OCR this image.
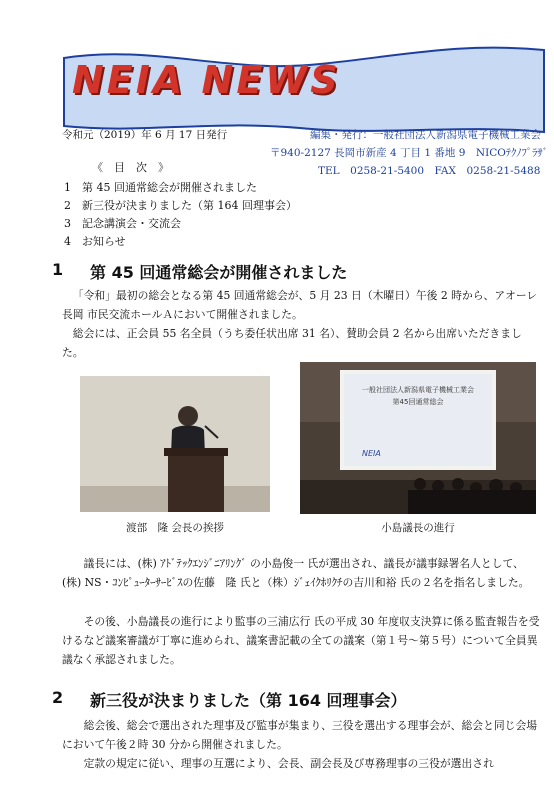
NEIA NEWS
令和元（2019）年 6 月 17 日発行	編集・発行：一般社団法人新潟県電子機械工業会
〒940-2127 長岡市新産 4 丁目 1 番地 9　NICOﾃｸﾉﾌﾟﾗｻﾞ
TEL　0258-21-5400　FAX　0258-21-5488
《　目　次　》
1　第 45 回通常総会が開催されました
2　新三役が決まりました（第 164 回理事会）
3　記念講演会・交流会
4　お知らせ
1 第 45 回通常総会が開催されました
「令和」最初の総会となる第 45 回通常総会が、5 月 23 日（木曜日）午後 2 時から、アオーレ長岡 市民交流ホールＡにおいて開催されました。
総会には、正会員 55 名全員（うち委任状出席 31 名）、賛助会員 2 名から出席いただきました。
渡部　隆 会長の挨拶
一般社団法人新潟県電子機械工業会
第45回通常総会
NEIA
小島議長の進行
議長には、(株) ｱﾄﾞﾃｯｸｴﾝｼﾞﾆｱﾘﾝｸﾞ の小島俊一 氏が選出され、議長が議事録署名人として、(株) NS・ｺﾝﾋﾟｭｰﾀｰｻｰﾋﾞｽの佐藤　隆 氏と（株）ｼﾞｪｲｸﾎﾘｸﾁの吉川和裕 氏の２名を指名しました。
その後、小島議長の進行により監事の三浦広行 氏の平成 30 年度収支決算に係る監査報告を受けるなど議案審議が丁寧に進められ、議案書記載の全ての議案（第１号～第５号）について全員異議なく承認されました。
2 新三役が決まりました（第 164 回理事会）
総会後、総会で選出された理事及び監事が集まり、三役を選出する理事会が、総会と同じ会場において午後２時 30 分から開催されました。
定款の規定に従い、理事の互選により、会長、副会長及び専務理事の三役が選出され
